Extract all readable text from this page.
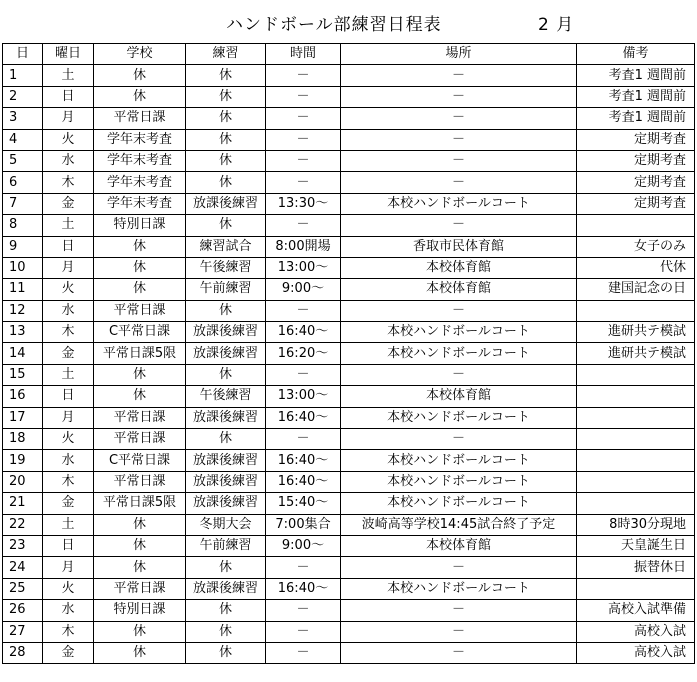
ハンドボール部練習日程表	2 月
日	曜日	学校	練習	時間	場所	備考
1	土	休	休	－	－	考査1 週間前
2	日	休	休	－	－	考査1 週間前
3	月	平常日課	休	－	－	考査1 週間前
4	火	学年末考査	休	－	－	定期考査
5	水	学年末考査	休	－	－	定期考査
6	木	学年末考査	休	－	－	定期考査
7	金	学年末考査	放課後練習	13:30～	本校ハンドボールコート	定期考査
8	土	特別日課	休	－	－	
9	日	休	練習試合	8:00開場	香取市民体育館	女子のみ
10	月	休	午後練習	13:00～	本校体育館	代休
11	火	休	午前練習	9:00～	本校体育館	建国記念の日
12	水	平常日課	休	－	－	
13	木	C平常日課	放課後練習	16:40～	本校ハンドボールコート	進研共テ模試
14	金	平常日課5限	放課後練習	16:20～	本校ハンドボールコート	進研共テ模試
15	土	休	休	－	－	
16	日	休	午後練習	13:00～	本校体育館	
17	月	平常日課	放課後練習	16:40～	本校ハンドボールコート	
18	火	平常日課	休	－	－	
19	水	C平常日課	放課後練習	16:40～	本校ハンドボールコート	
20	木	平常日課	放課後練習	16:40～	本校ハンドボールコート	
21	金	平常日課5限	放課後練習	15:40～	本校ハンドボールコート	
22	土	休	冬期大会	7:00集合	波崎高等学校14:45試合終了予定	8時30分現地
23	日	休	午前練習	9:00～	本校体育館	天皇誕生日
24	月	休	休	－	－	振替休日
25	火	平常日課	放課後練習	16:40～	本校ハンドボールコート	
26	水	特別日課	休	－	－	高校入試準備
27	木	休	休	－	－	高校入試
28	金	休	休	－	－	高校入試
